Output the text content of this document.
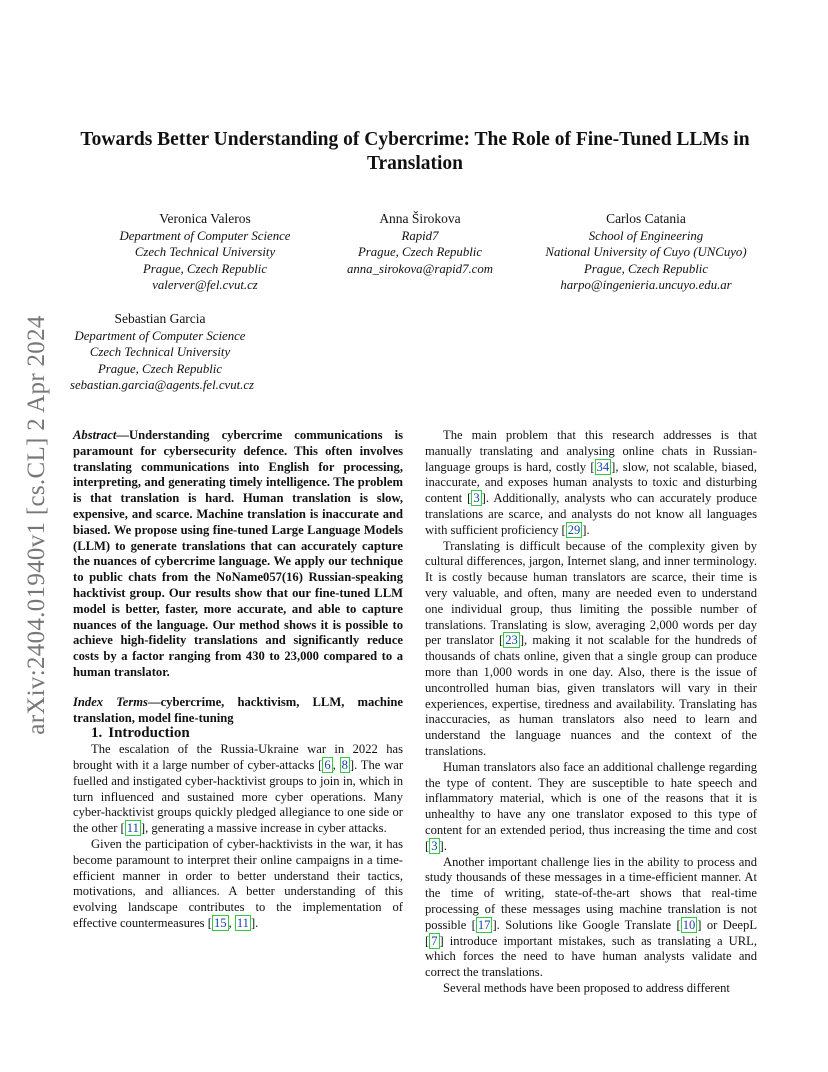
arXiv:2404.01940v1 [cs.CL] 2 Apr 2024
Towards Better Understanding of Cybercrime: The Role of Fine-Tuned LLMs in Translation
Veronica Valeros
Department of Computer Science
Czech Technical University
Prague, Czech Republic
valerver@fel.cvut.cz
Anna Širokova
Rapid7
Prague, Czech Republic
anna_sirokova@rapid7.com
Carlos Catania
School of Engineering
National University of Cuyo (UNCuyo)
Prague, Czech Republic
harpo@ingenieria.uncuyo.edu.ar
Sebastian Garcia
Department of Computer Science
Czech Technical University
Prague, Czech Republic
sebastian.garcia@agents.fel.cvut.cz

Abstract—Understanding cybercrime communications is paramount for cybersecurity defence. This often involves translating communications into English for processing, interpreting, and generating timely intelligence. The problem is that translation is hard. Human translation is slow, expensive, and scarce. Machine translation is inaccurate and biased. We propose using fine-tuned Large Language Models (LLM) to generate translations that can accurately capture the nuances of cybercrime language. We apply our technique to public chats from the NoName057(16) Russian-speaking hacktivist group. Our results show that our fine-tuned LLM model is better, faster, more accurate, and able to capture nuances of the language. Our method shows it is possible to achieve high-fidelity translations and significantly reduce costs by a factor ranging from 430 to 23,000 compared to a human translator.

Index Terms—cybercrime, hacktivism, LLM, machine translation, model fine-tuning

1. Introduction

The escalation of the Russia-Ukraine war in 2022 has brought with it a large number of cyber-attacks [ 6 , 8 ]. The war fuelled and instigated cyber-hacktivist groups to join in, which in turn influenced and sustained more cyber operations. Many cyber-hacktivist groups quickly pledged allegiance to one side or the other [ 11 ], generating a massive increase in cyber attacks.

Given the participation of cyber-hacktivists in the war, it has become paramount to interpret their online campaigns in a time-efficient manner in order to better understand their tactics, motivations, and alliances. A better understanding of this evolving landscape contributes to the implementation of effective countermeasures [ 15 , 11 ].

The main problem that this research addresses is that manually translating and analysing online chats in Russian-language groups is hard, costly [ 34 ], slow, not scalable, biased, inaccurate, and exposes human analysts to toxic and disturbing content [ 3 ]. Additionally, analysts who can accurately produce translations are scarce, and analysts do not know all languages with sufficient proficiency [ 29 ].

Translating is difficult because of the complexity given by cultural differences, jargon, Internet slang, and inner terminology. It is costly because human translators are scarce, their time is very valuable, and often, many are needed even to understand one individual group, thus limiting the possible number of translations. Translating is slow, averaging 2,000 words per day per translator [ 23 ], making it not scalable for the hundreds of thousands of chats online, given that a single group can produce more than 1,000 words in one day. Also, there is the issue of uncontrolled human bias, given translators will vary in their experiences, expertise, tiredness and availability. Translating has inaccuracies, as human translators also need to learn and understand the language nuances and the context of the translations.

Human translators also face an additional challenge regarding the type of content. They are susceptible to hate speech and inflammatory material, which is one of the reasons that it is unhealthy to have any one translator exposed to this type of content for an extended period, thus increasing the time and cost [ 3 ].

Another important challenge lies in the ability to process and study thousands of these messages in a time-efficient manner. At the time of writing, state-of-the-art shows that real-time processing of these messages using machine translation is not possible [ 17 ]. Solutions like Google Translate [ 10 ] or DeepL [ 7 ] introduce important mistakes, such as translating a URL, which forces the need to have human analysts validate and correct the translations.

Several methods have been proposed to address different
